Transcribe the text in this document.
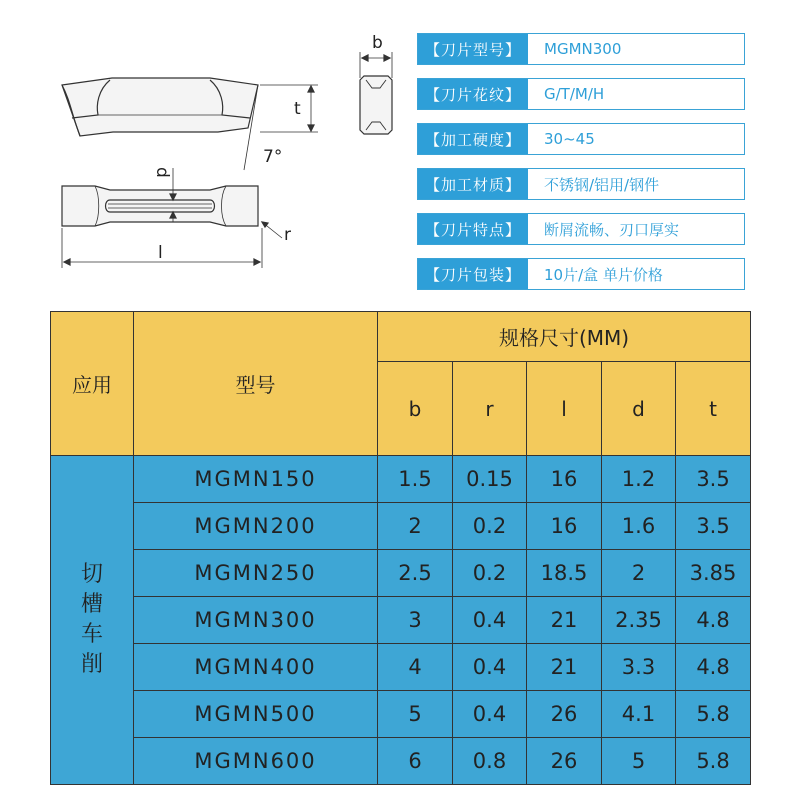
b
t
7°
d
l
r
【刀片型号】	MGMN300
【刀片花纹】	G/T/M/H
【加工硬度】	30~45
【加工材质】	不锈钢/铝用/钢件
【刀片特点】	断屑流畅、刃口厚实
【刀片包装】	10片/盒 单片价格
应用	型号	规格尺寸(MM)				
		b	r	l	d	t

切槽车削	MGMN150	1.5	0.15	16	1.2	3.5
	MGMN200	2	0.2	16	1.6	3.5
	MGMN250	2.5	0.2	18.5	2	3.85
	MGMN300	3	0.4	21	2.35	4.8
	MGMN400	4	0.4	21	3.3	4.8
	MGMN500	5	0.4	26	4.1	5.8
	MGMN600	6	0.8	26	5	5.8
